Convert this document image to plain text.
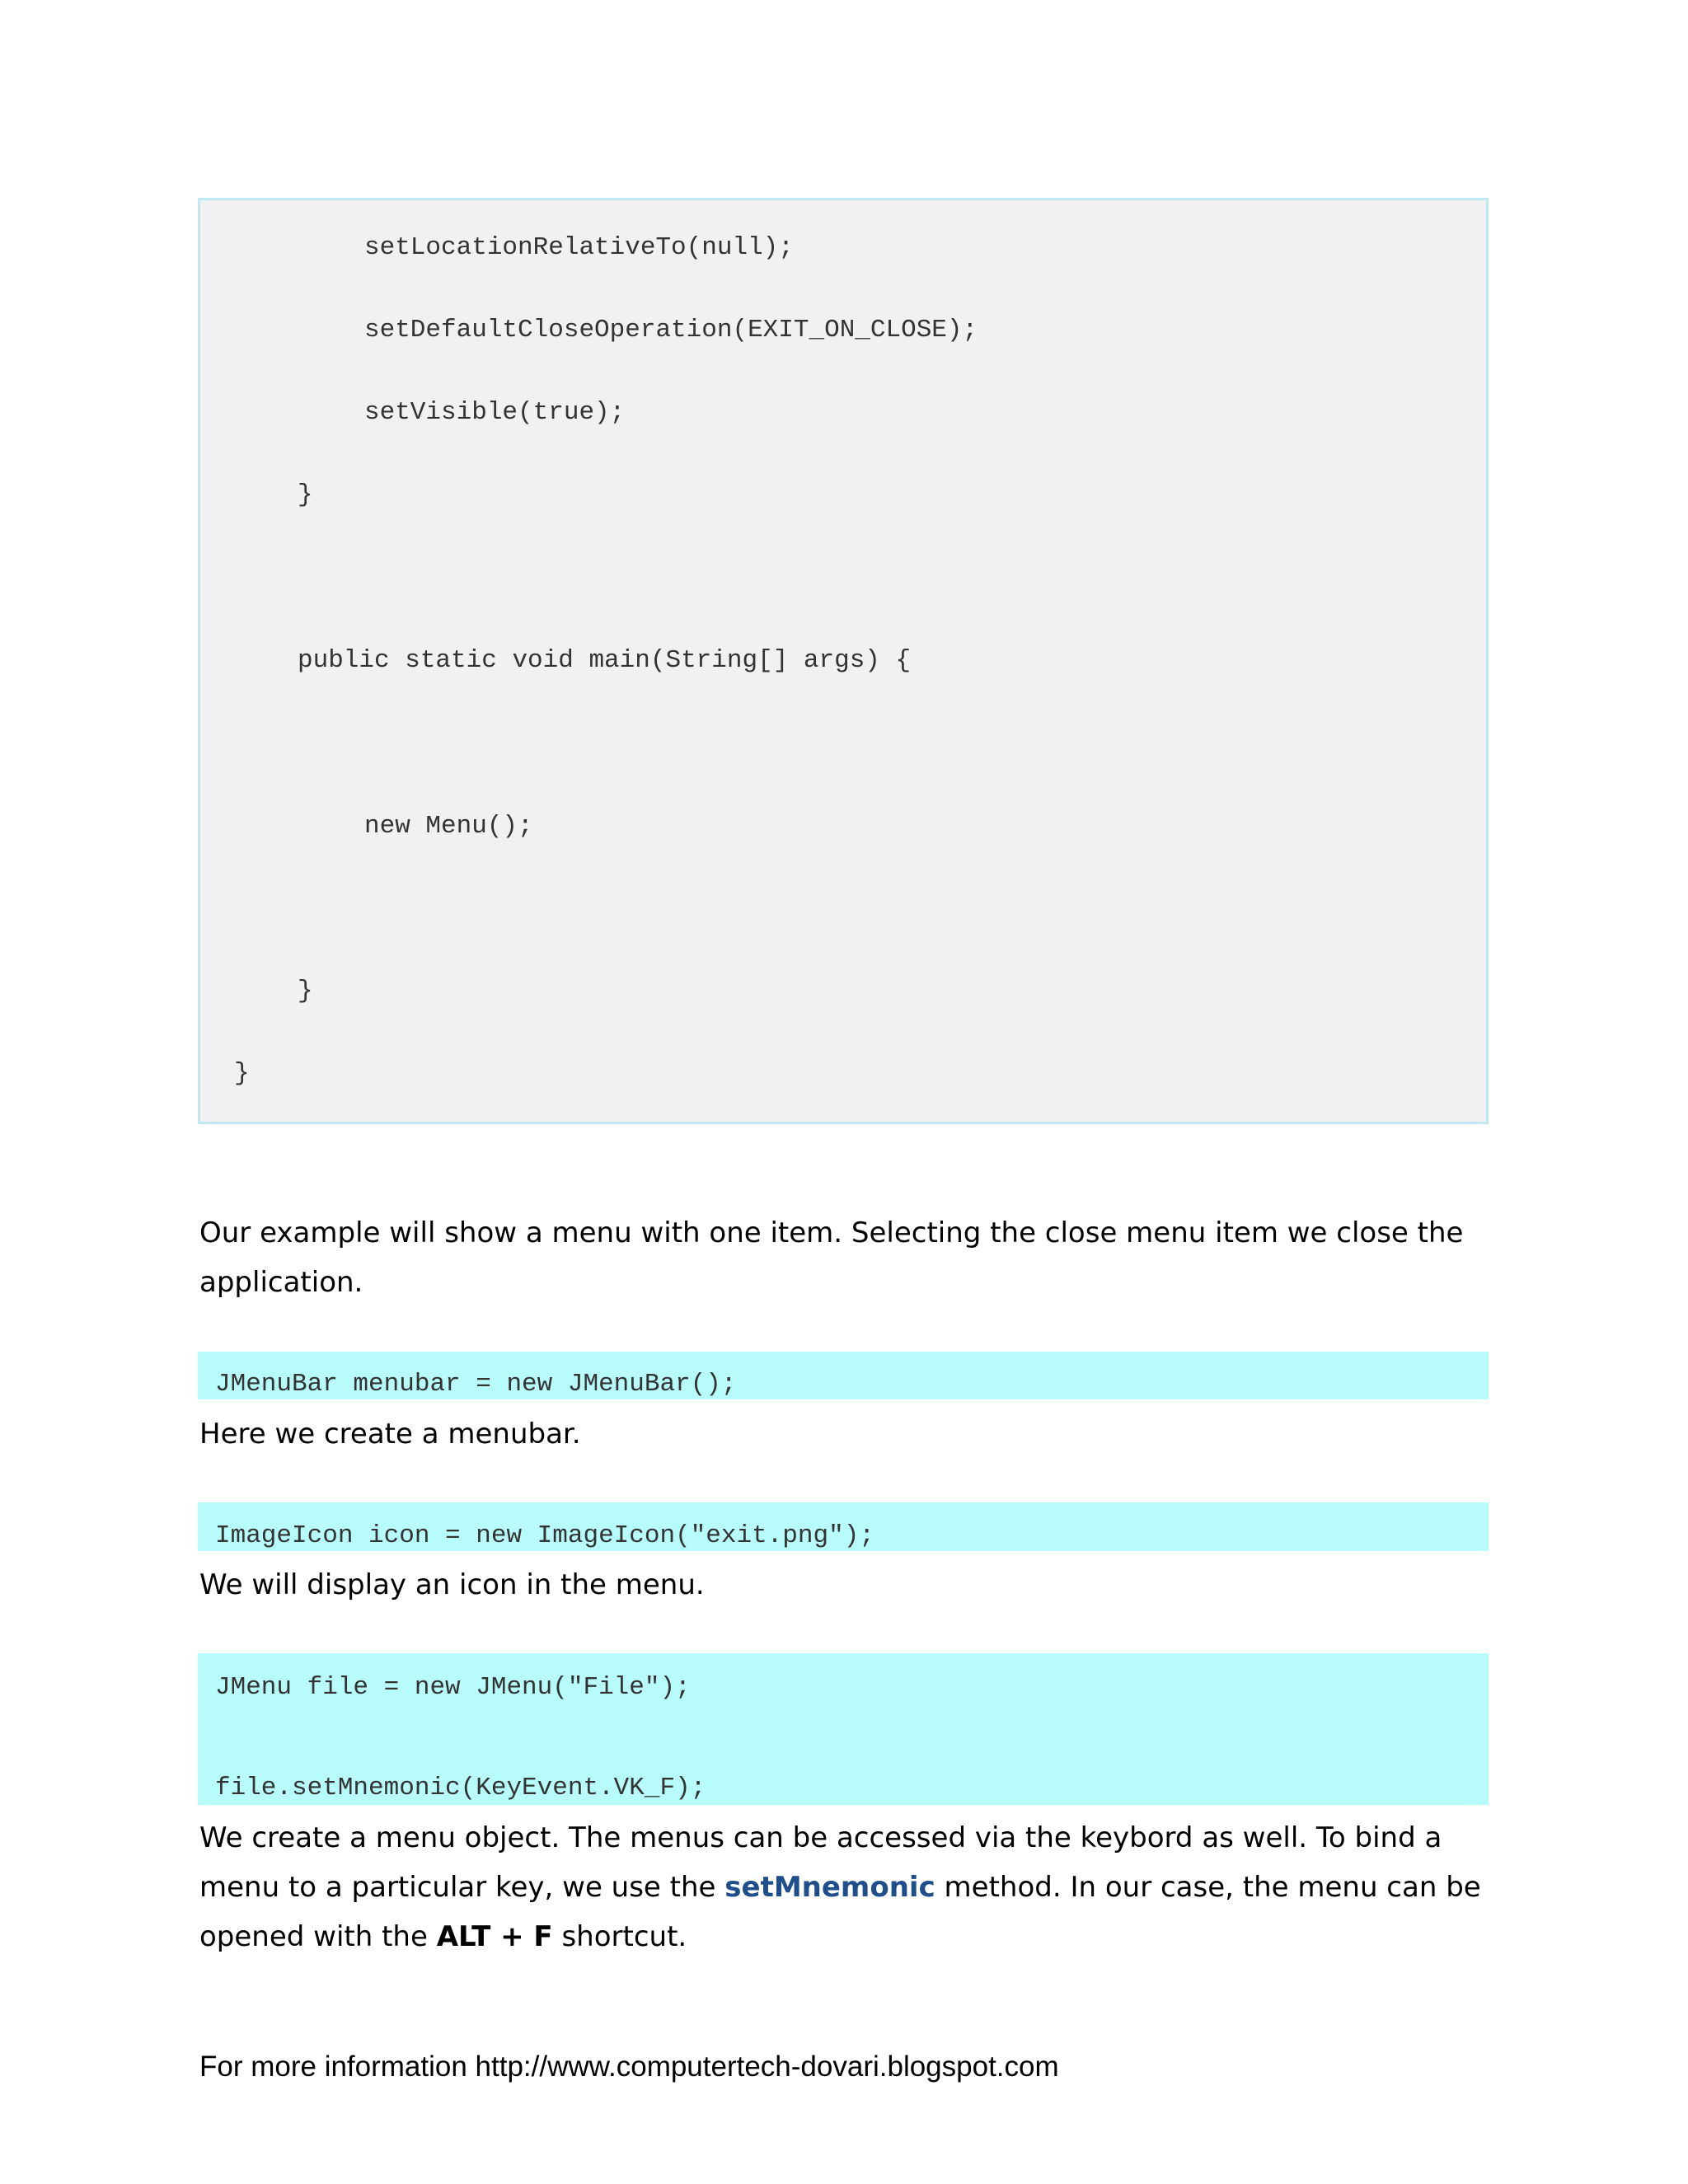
setLocationRelativeTo(null);
setDefaultCloseOperation(EXIT_ON_CLOSE);
setVisible(true);
}
public static void main(String[] args) {
new Menu();
}
}

Our example will show a menu with one item. Selecting the close menu item we close the application.

JMenuBar menubar = new JMenuBar();

Here we create a menubar.

ImageIcon icon = new ImageIcon("exit.png");

We will display an icon in the menu.

JMenu file = new JMenu("File");
file.setMnemonic(KeyEvent.VK_F);

We create a menu object. The menus can be accessed via the keybord as well. To bind a menu to a particular key, we use the setMnemonic method. In our case, the menu can be opened with the ALT + F shortcut.

For more information http://www.computertech-dovari.blogspot.com
